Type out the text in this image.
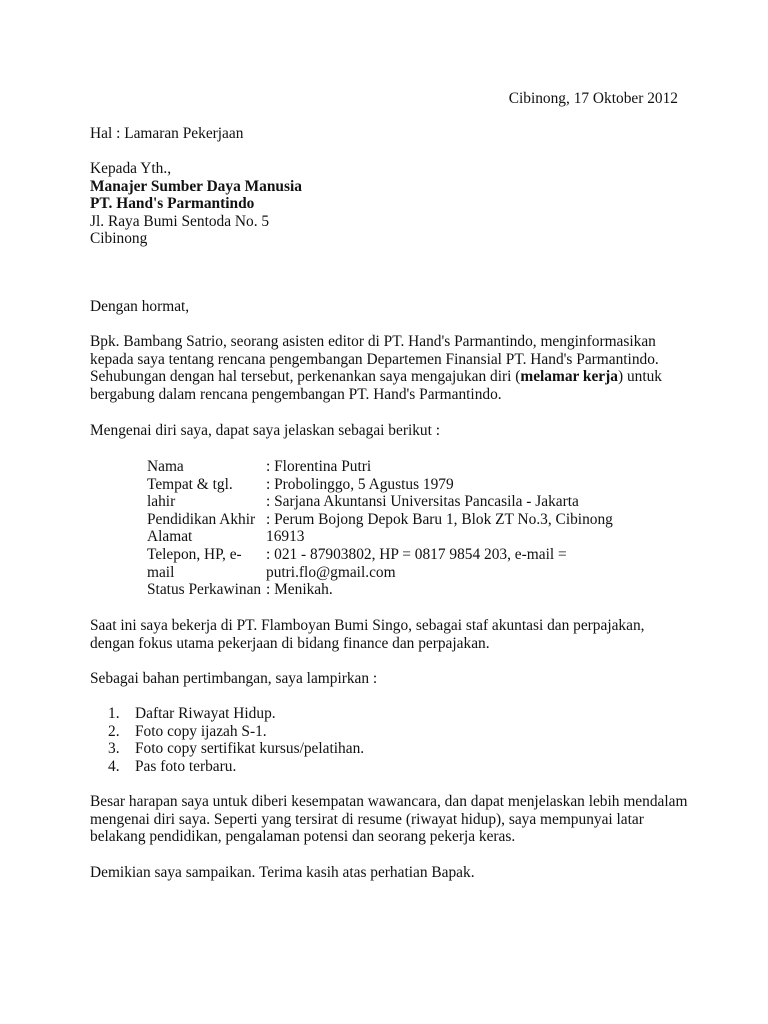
Cibinong, 17 Oktober 2012
Hal : Lamaran Pekerjaan
Kepada Yth.,
Manajer Sumber Daya Manusia
PT. Hand's Parmantindo
Jl. Raya Bumi Sentoda No. 5
Cibinong
Dengan hormat,
Bpk. Bambang Satrio, seorang asisten editor di PT. Hand's Parmantindo, menginformasikan
kepada saya tentang rencana pengembangan Departemen Finansial PT. Hand's Parmantindo.
Sehubungan dengan hal tersebut, perkenankan saya mengajukan diri (melamar kerja) untuk
bergabung dalam rencana pengembangan PT. Hand's Parmantindo.
Mengenai diri saya, dapat saya jelaskan sebagai berikut :
Nama
Tempat & tgl.
lahir
Pendidikan Akhir
Alamat
Telepon, HP, e-
mail
Status Perkawinan
: Florentina Putri
: Probolinggo, 5 Agustus 1979
: Sarjana Akuntansi Universitas Pancasila - Jakarta
: Perum Bojong Depok Baru 1, Blok ZT No.3, Cibinong
16913
: 021 - 87903802, HP = 0817 9854 203, e-mail =
putri.flo@gmail.com
: Menikah.
Saat ini saya bekerja di PT. Flamboyan Bumi Singo, sebagai staf akuntasi dan perpajakan,
dengan fokus utama pekerjaan di bidang finance dan perpajakan.
Sebagai bahan pertimbangan, saya lampirkan :
1. Daftar Riwayat Hidup.
2. Foto copy ijazah S-1.
3. Foto copy sertifikat kursus/pelatihan.
4. Pas foto terbaru.
Besar harapan saya untuk diberi kesempatan wawancara, dan dapat menjelaskan lebih mendalam
mengenai diri saya. Seperti yang tersirat di resume (riwayat hidup), saya mempunyai latar
belakang pendidikan, pengalaman potensi dan seorang pekerja keras.
Demikian saya sampaikan. Terima kasih atas perhatian Bapak.
